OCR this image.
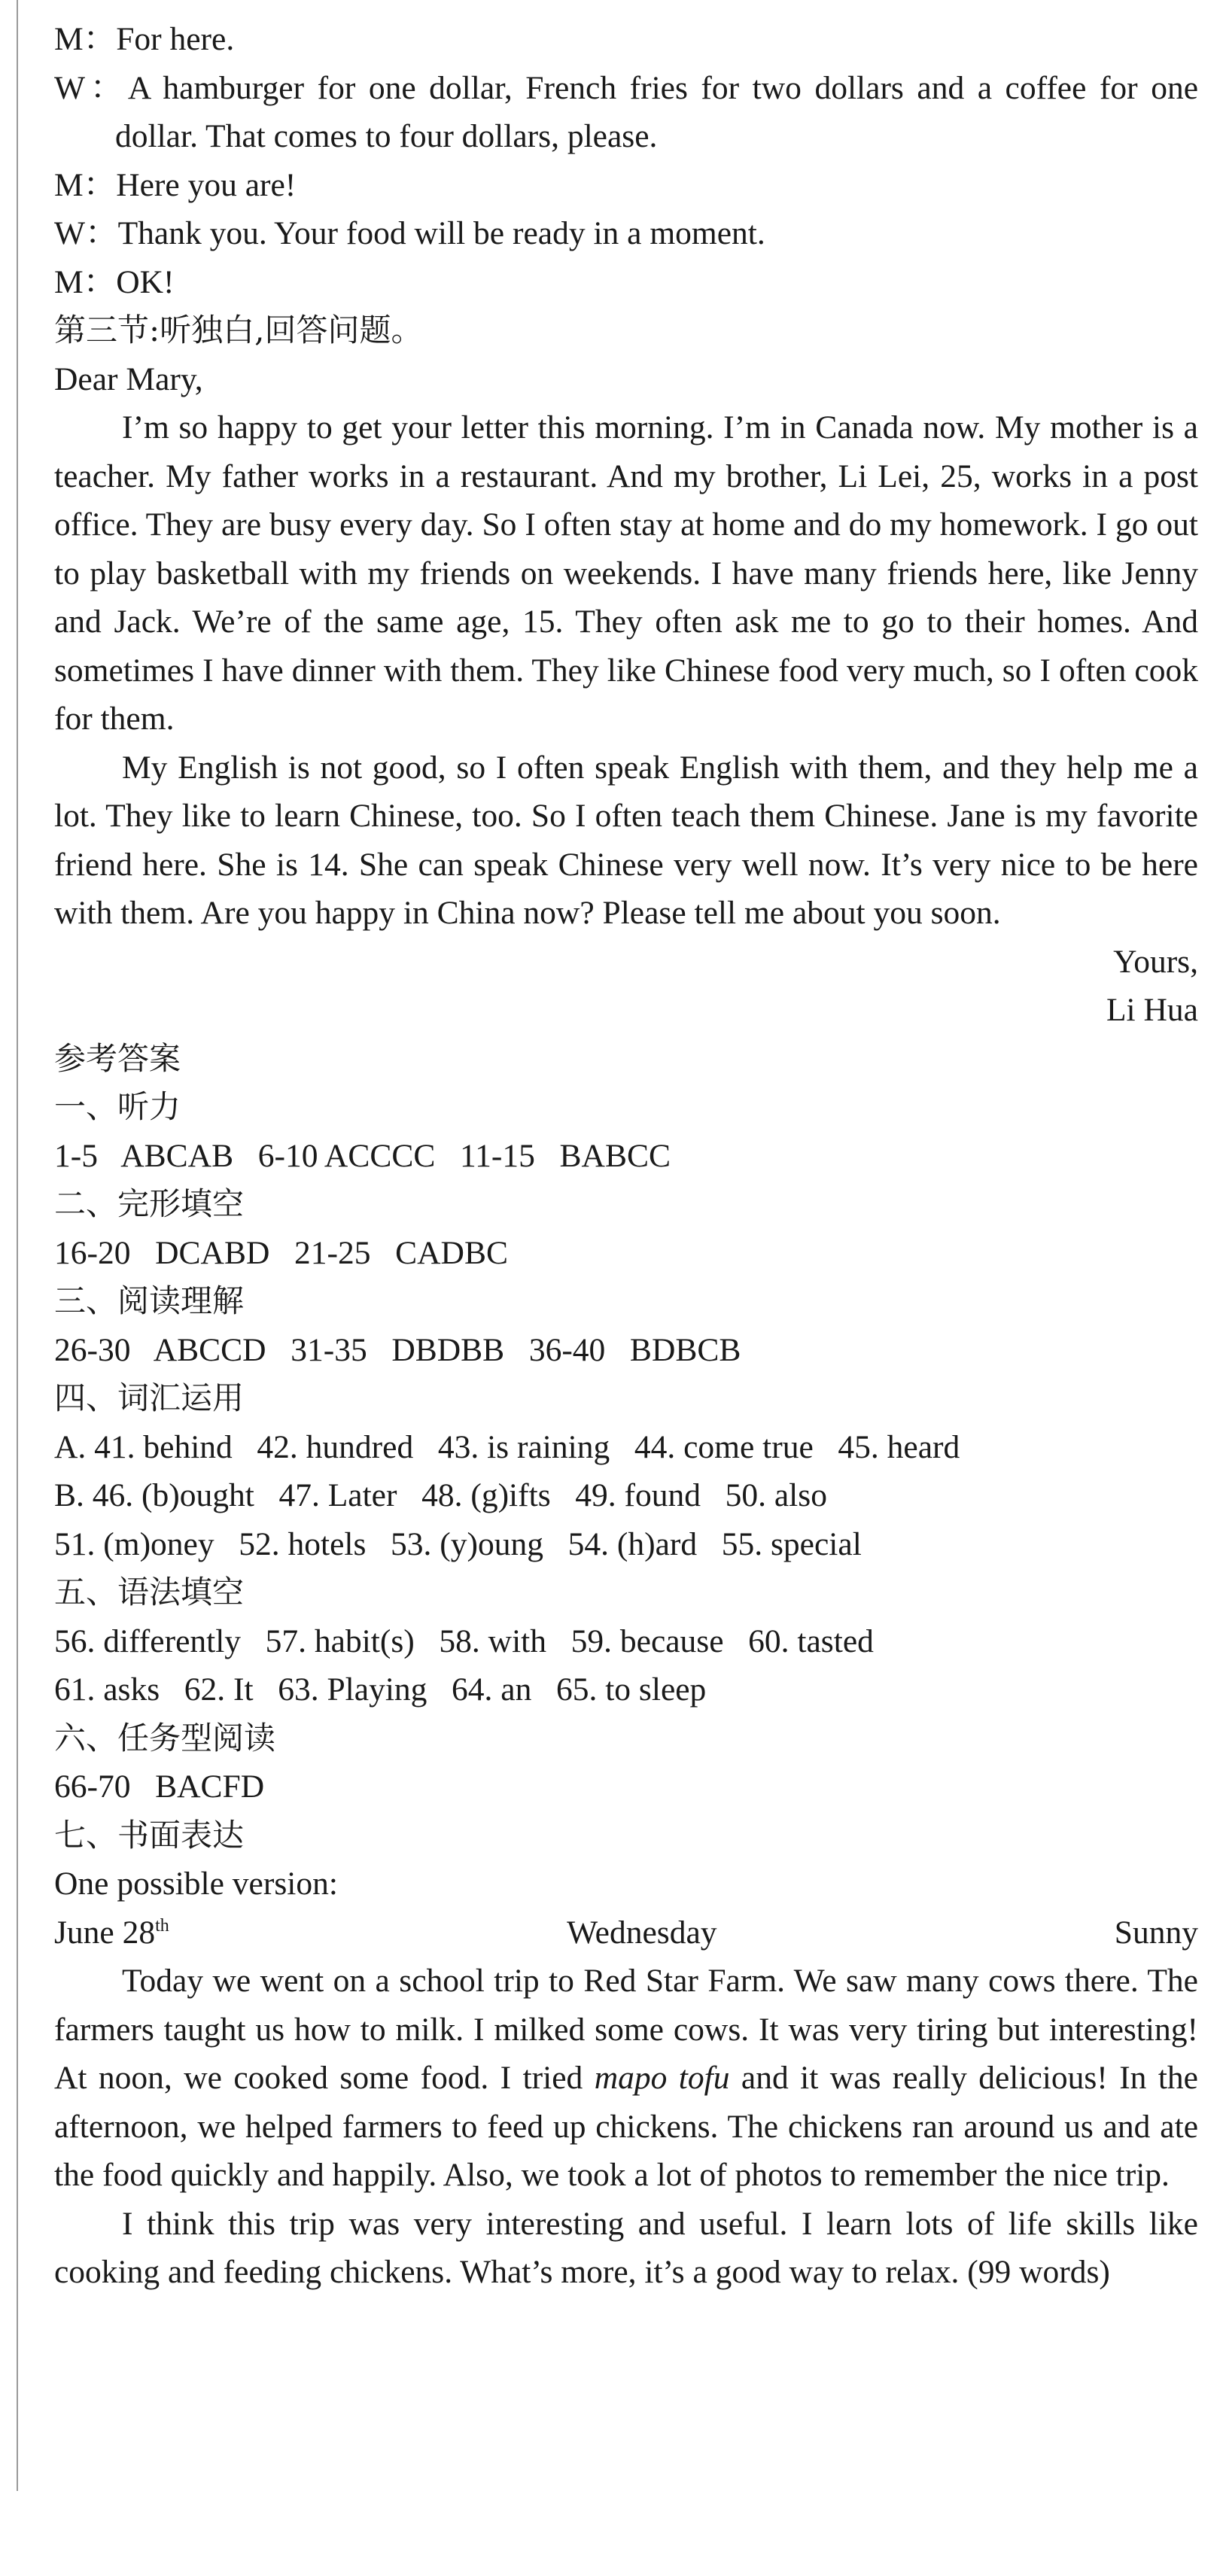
M：For here.

W：A hamburger for one dollar, French fries for two dollars and a coffee for one dollar. That comes to four dollars, please.

M：Here you are!

W：Thank you. Your food will be ready in a moment.

M：OK!

第三节:听独白,回答问题。

Dear Mary,

I’m so happy to get your letter this morning. I’m in Canada now. My mother is a teacher. My father works in a restaurant. And my brother, Li Lei, 25, works in a post office. They are busy every day. So I often stay at home and do my homework. I go out to play basketball with my friends on weekends. I have many friends here, like Jenny and Jack. We’re of the same age, 15. They often ask me to go to their homes. And sometimes I have dinner with them. They like Chinese food very much, so I often cook for them.

My English is not good, so I often speak English with them, and they help me a lot. They like to learn Chinese, too. So I often teach them Chinese. Jane is my favorite friend here. She is 14. She can speak Chinese very well now. It’s very nice to be here with them. Are you happy in China now? Please tell me about you soon.

Yours,

Li Hua

参考答案

一、听力

1-5   ABCAB   6-10 ACCCC   11-15   BABCC

二、完形填空

16-20   DCABD   21-25   CADBC

三、阅读理解

26-30   ABCCD   31-35   DBDBB   36-40   BDBCB

四、词汇运用

A. 41. behind   42. hundred   43. is raining   44. come true   45. heard

B. 46. (b)ought   47. Later   48. (g)ifts   49. found   50. also

51. (m)oney   52. hotels   53. (y)oung   54. (h)ard   55. special

五、语法填空

56. differently   57. habit(s)   58. with   59. because   60. tasted

61. asks   62. It   63. Playing   64. an   65. to sleep

六、任务型阅读

66-70   BACFD

七、书面表达

One possible version:

June 28th	Wednesday	Sunny

Today we went on a school trip to Red Star Farm. We saw many cows there. The farmers taught us how to milk. I milked some cows. It was very tiring but interesting! At noon, we cooked some food. I tried mapo tofu and it was really delicious! In the afternoon, we helped farmers to feed up chickens. The chickens ran around us and ate the food quickly and happily. Also, we took a lot of photos to remember the nice trip.

I think this trip was very interesting and useful. I learn lots of life skills like cooking and feeding chickens. What’s more, it’s a good way to relax. (99 words)
